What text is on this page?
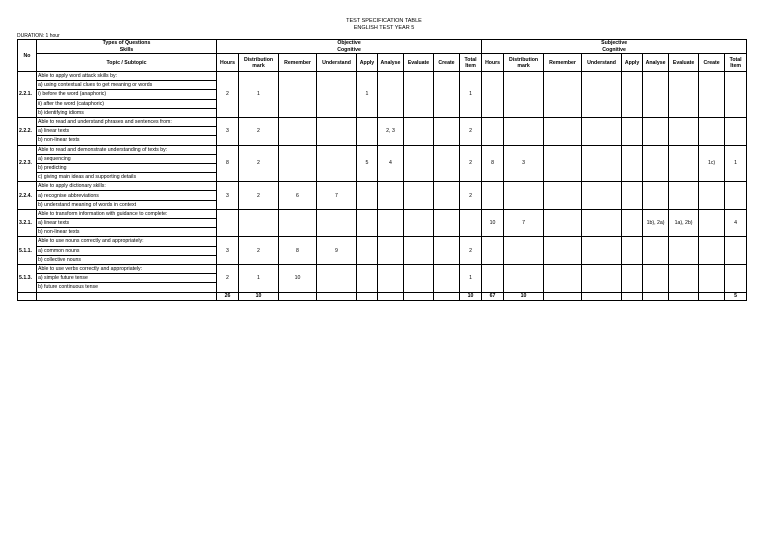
TEST SPECIFICATION TABLE
ENGLISH TEST YEAR 5
DURATION: 1 hour
No	Types of Questions	Objective									Subjective								
	Skills	Cognitive									Cognitive								
	Topic / Subtopic	Hours	Distribution mark	Remember	Understand	Apply	Analyse	Evaluate	Create	Total Item	Hours	Distribution mark	Remember	Understand	Apply	Analyse	Evaluate	Create	Total Item
2.2.1.	Able to apply word attack skills by:	2	1			1				1									
	a) using contextual clues to get meaning or words																		
	i) before the word (anaphoric)																		
	ii) after the word (cataphoric)																		
	b) identifying idioms																		
2.2.2.	Able to read and understand phrases and sentences from:	3	2				2, 3			2									
	a) linear texts																		
	b) non-linear texts																		
2.2.3.	Able to read and demonstrate understanding of texts by:	8	2			5	4			2	8	3						1c)	1
	a) sequencing																		
	b) predicting																		
	c) giving main ideas and supporting details																		
2.2.4.	Able to apply dictionary skills:	3	2	6	7					2									
	a) recognise abbreviations																		
	b) understand meaning of words in context																		
3.2.1.	Able to transform information with guidance to complete:										10	7				1b), 2a)	1a), 2b)		4
	a) linear texts																		
	b) non-linear texts																		
5.1.1.	Able to use nouns correctly and appropriately:	3	2	8	9					2									
	a) common nouns																		
	b) collective nouns																		
5.1.3.	Able to use verbs correctly and appropriately:	2	1	10						1									
	a) simple future tense																		
	b) future continuous tense																		
		26	10							10	67	10							5
